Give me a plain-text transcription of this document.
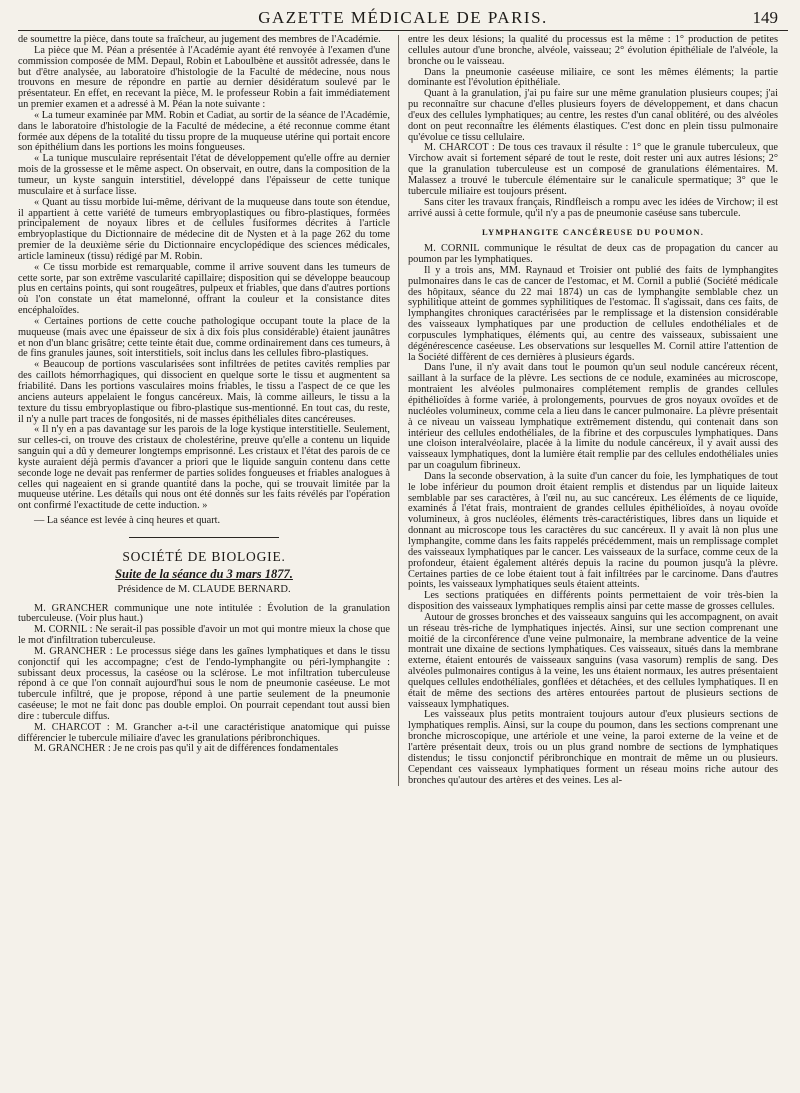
GAZETTE MÉDICALE DE PARIS.	149

de soumettre la pièce, dans toute sa fraîcheur, au jugement des membres de l'Académie.

La pièce que M. Péan a présentée à l'Académie ayant été renvoyée à l'examen d'une commission composée de MM. Depaul, Robin et Laboulbène et aussitôt adressée, dans le but d'être analysée, au laboratoire d'histologie de la Faculté de médecine, nous nous trouvons en mesure de répondre en partie au dernier désidératum soulevé par le présentateur. En effet, en recevant la pièce, M. le professeur Robin a fait immédiatement un premier examen et a adressé à M. Péan la note suivante :

« La tumeur examinée par MM. Robin et Cadiat, au sortir de la séance de l'Académie, dans le laboratoire d'histologie de la Faculté de médecine, a été reconnue comme étant formée aux dépens de la totalité du tissu propre de la muqueuse utérine qui portait encore son épithélium dans les portions les moins fongueuses.

« La tunique musculaire représentait l'état de développement qu'elle offre au dernier mois de la grossesse et le même aspect. On observait, en outre, dans la composition de la tumeur, un kyste sanguin interstitiel, développé dans l'épaisseur de cette tunique musculaire et à surface lisse.

« Quant au tissu morbide lui-même, dérivant de la muqueuse dans toute son étendue, il appartient à cette variété de tumeurs embryoplastiques ou fibro-plastiques, formées principalement de noyaux libres et de cellules fusiformes décrites à l'article embryoplastique du Dictionnaire de médecine dit de Nysten et à la page 262 du tome premier de la deuxième série du Dictionnaire encyclopédique des sciences médicales, article lamineux (tissu) rédigé par M. Robin.

« Ce tissu morbide est remarquable, comme il arrive souvent dans les tumeurs de cette sorte, par son extrême vascularité capillaire; disposition qui se développe beaucoup plus en certains points, qui sont rougeâtres, pulpeux et friables, que dans d'autres portions où l'on constate un état mamelonné, offrant la couleur et la consistance dites encéphaloïdes.

« Certaines portions de cette couche pathologique occupant toute la place de la muqueuse (mais avec une épaisseur de six à dix fois plus considérable) étaient jaunâtres et non d'un blanc grisâtre; cette teinte était due, comme ordinairement dans ces tumeurs, à de fins granules jaunes, soit interstitiels, soit inclus dans les cellules fibro-plastiques.

« Beaucoup de portions vascularisées sont infiltrées de petites cavités remplies par des caillots hémorrhagiques, qui dissocient en quelque sorte le tissu et augmentent sa friabilité. Dans les portions vasculaires moins friables, le tissu a l'aspect de ce que les anciens auteurs appelaient le fongus cancéreux. Mais, là comme ailleurs, le tissu a la texture du tissu embryoplastique ou fibro-plastique sus-mentionné. En tout cas, du reste, il n'y a nulle part traces de fongosités, ni de masses épithéliales dites cancéreuses.

« Il n'y en a pas davantage sur les parois de la loge kystique interstitielle. Seulement, sur celles-ci, on trouve des cristaux de cholestérine, preuve qu'elle a contenu un liquide sanguin qui a dû y demeurer longtemps emprisonné. Les cristaux et l'état des parois de ce kyste auraient déjà permis d'avancer a priori que le liquide sanguin contenu dans cette seconde loge ne devait pas renfermer de parties solides fongueuses et friables analogues à celles qui nageaient en si grande quantité dans la poche, qui se trouvait limitée par la muqueuse utérine. Les détails qui nous ont été donnés sur les faits révélés par l'opération ont confirmé l'exactitude de cette induction. »

— La séance est levée à cinq heures et quart.

SOCIÉTÉ DE BIOLOGIE.
Suite de la séance du 3 mars 1877.
Présidence de M. CLAUDE BERNARD.

M. GRANCHER communique une note intitulée : Évolution de la granulation tuberculeuse. (Voir plus haut.)

M. CORNIL : Ne serait-il pas possible d'avoir un mot qui montre mieux la chose que le mot d'infiltration tuberculeuse.

M. GRANCHER : Le processus siége dans les gaînes lymphatiques et dans le tissu conjonctif qui les accompagne; c'est de l'endo-lymphangite ou péri-lymphangite : subissant deux processus, la caséose ou la sclérose. Le mot infiltration tuberculeuse répond à ce que l'on connaît aujourd'hui sous le nom de pneumonie caséeuse. Le mot tubercule infiltré, que je propose, répond à une partie seulement de la pneumonie caséeuse; le mot ne fait donc pas double emploi. On pourrait cependant tout aussi bien dire : tubercule diffus.

M. CHARCOT : M. Grancher a-t-il une caractéristique anatomique qui puisse différencier le tubercule miliaire d'avec les granulations péribronchiques.

M. GRANCHER : Je ne crois pas qu'il y ait de différences fondamentales

entre les deux lésions; la qualité du processus est la même : 1° production de petites cellules autour d'une bronche, alvéole, vaisseau; 2° évolution épithéliale de l'alvéole, la bronche ou le vaisseau.

Dans la pneumonie caséeuse miliaire, ce sont les mêmes éléments; la partie dominante est l'évolution épithéliale.

Quant à la granulation, j'ai pu faire sur une même granulation plusieurs coupes; j'ai pu reconnaître sur chacune d'elles plusieurs foyers de développement, et dans chacun d'eux des cellules lymphatiques; au centre, les restes d'un canal oblitéré, ou des alvéoles dont on peut reconnaître les éléments élastiques. C'est donc en plein tissu pulmonaire qu'évolue ce tissu cellulaire.

M. CHARCOT : De tous ces travaux il résulte : 1° que le granule tuberculeux, que Virchow avait si fortement séparé de tout le reste, doit rester uni aux autres lésions; 2° que la granulation tuberculeuse est un composé de granulations élémentaires. M. Malassez a trouvé le tubercule élémentaire sur le canalicule spermatique; 3° que le tubercule miliaire est toujours présent.

Sans citer les travaux français, Rindfleisch a rompu avec les idées de Virchow; il est arrivé aussi à cette formule, qu'il n'y a pas de pneumonie caséuse sans tubercule.

LYMPHANGITE CANCÉREUSE DU POUMON.

M. CORNIL communique le résultat de deux cas de propagation du cancer au poumon par les lymphatiques.

Il y a trois ans, MM. Raynaud et Troisier ont publié des faits de lymphangites pulmonaires dans le cas de cancer de l'estomac, et M. Cornil a publié (Société médicale des hôpitaux, séance du 22 mai 1874) un cas de lymphangite semblable chez un syphilitique atteint de gommes syphilitiques de l'estomac. Il s'agissait, dans ces faits, de lymphangites chroniques caractérisées par le remplissage et la distension considérable des vaisseaux lymphatiques par une production de cellules endothéliales et de corpuscules lymphatiques, éléments qui, au centre des vaisseaux, subissaient une dégénérescence caséeuse. Les observations sur lesquelles M. Cornil attire l'attention de la Société diffèrent de ces dernières à plusieurs égards.

Dans l'une, il n'y avait dans tout le poumon qu'un seul nodule cancéreux récent, saillant à la surface de la plèvre. Les sections de ce nodule, examinées au microscope, montraient les alvéoles pulmonaires complétement remplis de grandes cellules épithélioïdes à forme variée, à prolongements, pourvues de gros noyaux ovoïdes et de nucléoles volumineux, comme cela a lieu dans le cancer pulmonaire. La plèvre présentait à ce niveau un vaisseau lymphatique extrêmement distendu, qui contenait dans son intérieur des cellules endothéliales, de la fibrine et des corpuscules lymphatiques. Dans une cloison interalvéolaire, placée à la limite du nodule cancéreux, il y avait aussi des vaisseaux lymphatiques, dont la lumière était remplie par des cellules endothéliales unies par un coagulum fibrineux.

Dans la seconde observation, à la suite d'un cancer du foie, les lymphatiques de tout le lobe inférieur du poumon droit étaient remplis et distendus par un liquide laiteux semblable par ses caractères, à l'œil nu, au suc cancéreux. Les éléments de ce liquide, examinés à l'état frais, montraient de grandes cellules épithélioïdes, à noyau ovoïde volumineux, à gros nucléoles, éléments très-caractéristiques, libres dans un liquide et donnant au microscope tous les caractères du suc cancéreux. Il y avait là non plus une lymphangite, comme dans les faits rappelés précédemment, mais un remplissage complet des vaisseaux lymphatiques par le cancer. Les vaisseaux de la surface, comme ceux de la profondeur, étaient également altérés depuis la racine du poumon jusqu'à la plèvre. Certaines parties de ce lobe étaient tout à fait infiltrées par le carcinome. Dans d'autres points, les vaisseaux lymphatiques seuls étaient atteints.

Les sections pratiquées en différents points permettaient de voir très-bien la disposition des vaisseaux lymphatiques remplis ainsi par cette masse de grosses cellules.

Autour de grosses bronches et des vaisseaux sanguins qui les accompagnent, on avait un réseau très-riche de lymphatiques injectés. Ainsi, sur une section comprenant une moitié de la circonférence d'une veine pulmonaire, la membrane adventice de la veine montrait une dixaine de sections lymphatiques. Ces vaisseaux, situés dans la membrane externe, étaient entourés de vaisseaux sanguins (vasa vasorum) remplis de sang. Des alvéoles pulmonaires contigus à la veine, les uns étaient normaux, les autres présentaient quelques cellules endothéliales, gonflées et détachées, et des cellules lymphatiques. Il en était de même des sections des artères entourées partout de plusieurs sections de vaisseaux lymphatiques.

Les vaisseaux plus petits montraient toujours autour d'eux plusieurs sections de lymphatiques remplis. Ainsi, sur la coupe du poumon, dans les sections comprenant une bronche microscopique, une artériole et une veine, la paroi externe de la veine et de l'artère présentait deux, trois ou un plus grand nombre de sections de lymphatiques distendus; le tissu conjonctif péribronchique en montrait de même un ou plusieurs. Cependant ces vaisseaux lymphatiques forment un réseau moins riche autour des bronches qu'autour des artères et des veines. Les al-
